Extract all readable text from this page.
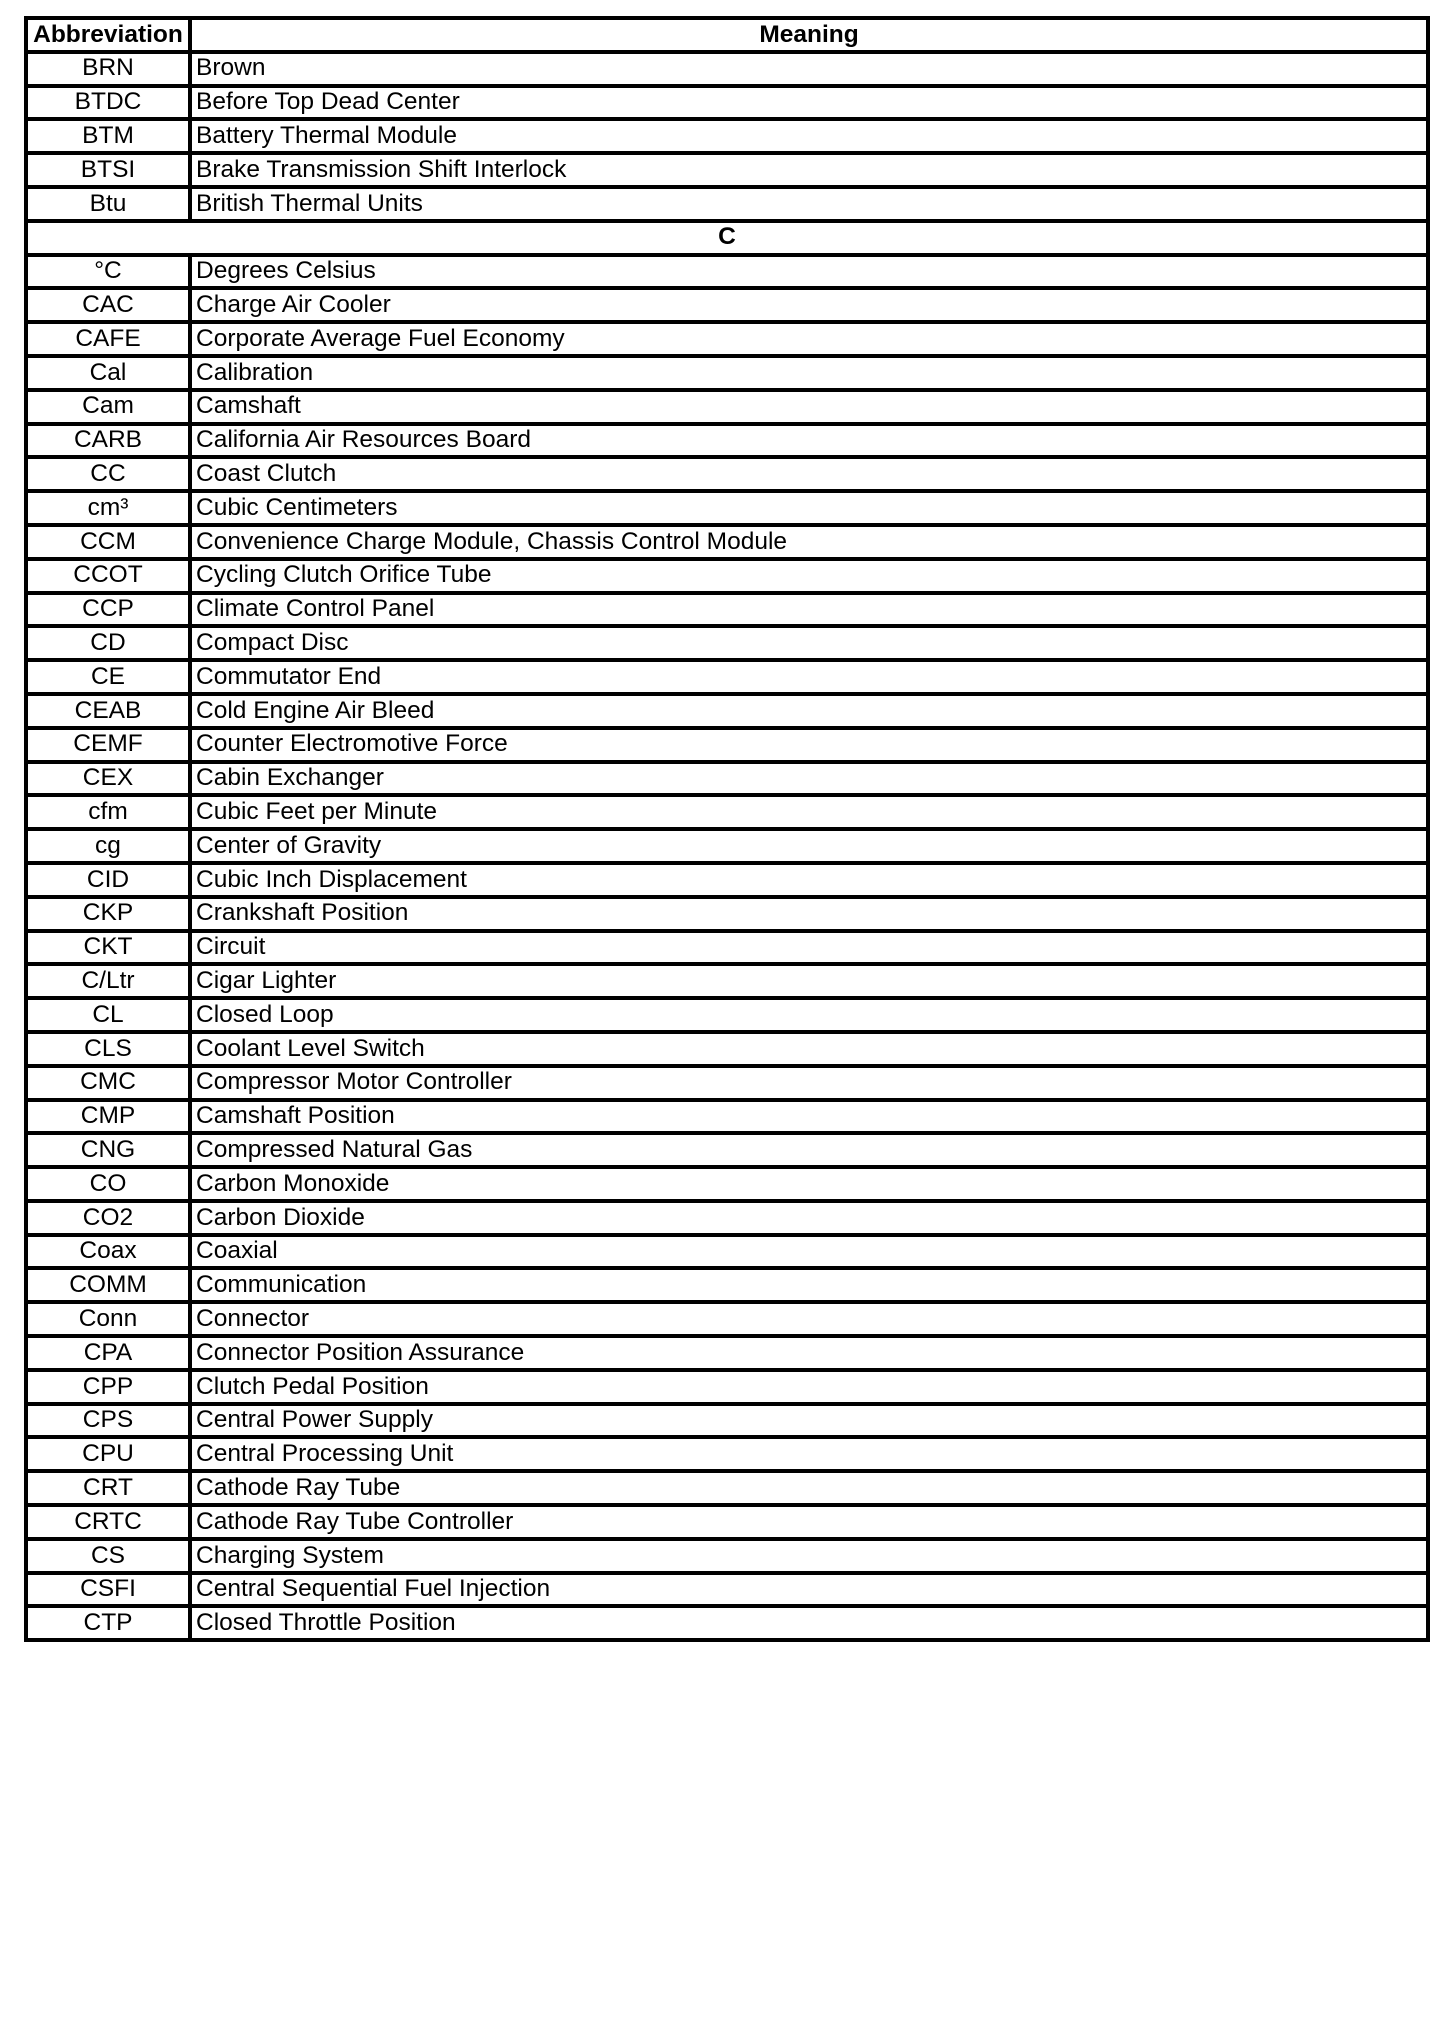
Abbreviation	Meaning
BRN	Brown
BTDC	Before Top Dead Center
BTM	Battery Thermal Module
BTSI	Brake Transmission Shift Interlock
Btu	British Thermal Units
C	
°C	Degrees Celsius
CAC	Charge Air Cooler
CAFE	Corporate Average Fuel Economy
Cal	Calibration
Cam	Camshaft
CARB	California Air Resources Board
CC	Coast Clutch
cm³	Cubic Centimeters
CCM	Convenience Charge Module, Chassis Control Module
CCOT	Cycling Clutch Orifice Tube
CCP	Climate Control Panel
CD	Compact Disc
CE	Commutator End
CEAB	Cold Engine Air Bleed
CEMF	Counter Electromotive Force
CEX	Cabin Exchanger
cfm	Cubic Feet per Minute
cg	Center of Gravity
CID	Cubic Inch Displacement
CKP	Crankshaft Position
CKT	Circuit
C/Ltr	Cigar Lighter
CL	Closed Loop
CLS	Coolant Level Switch
CMC	Compressor Motor Controller
CMP	Camshaft Position
CNG	Compressed Natural Gas
CO	Carbon Monoxide
CO2	Carbon Dioxide
Coax	Coaxial
COMM	Communication
Conn	Connector
CPA	Connector Position Assurance
CPP	Clutch Pedal Position
CPS	Central Power Supply
CPU	Central Processing Unit
CRT	Cathode Ray Tube
CRTC	Cathode Ray Tube Controller
CS	Charging System
CSFI	Central Sequential Fuel Injection
CTP	Closed Throttle Position
